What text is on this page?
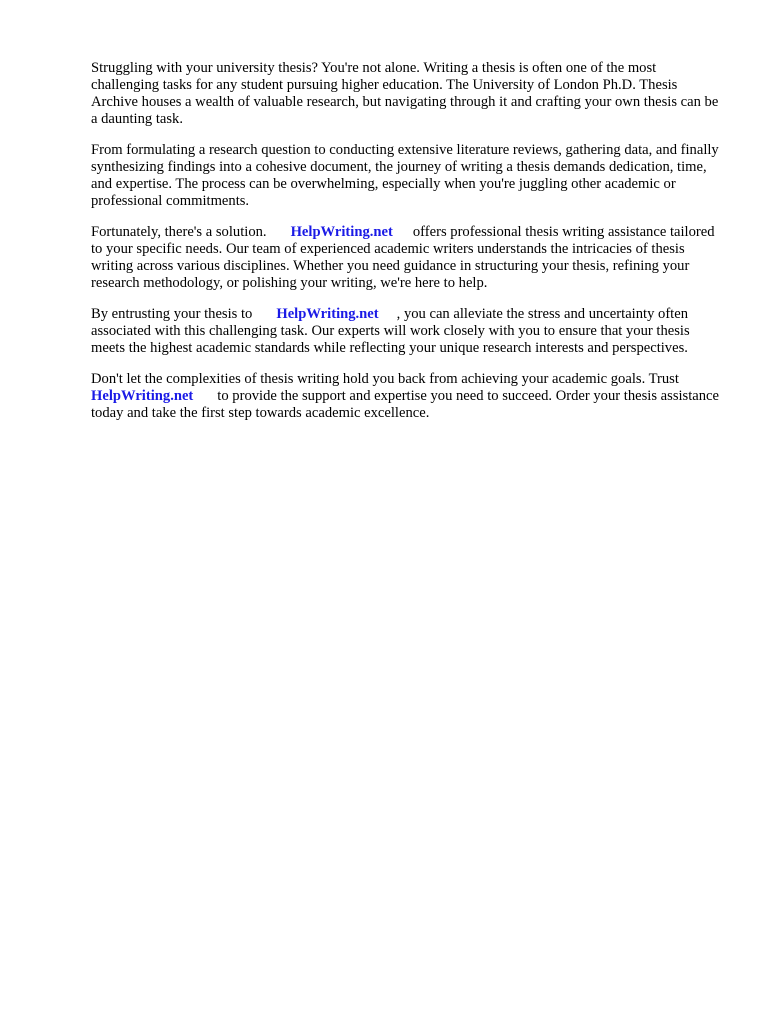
Struggling with your university thesis? You're not alone. Writing a thesis is often one of the most challenging tasks for any student pursuing higher education. The University of London Ph.D. Thesis Archive houses a wealth of valuable research, but navigating through it and crafting your own thesis can be a daunting task.

From formulating a research question to conducting extensive literature reviews, gathering data, and finally synthesizing findings into a cohesive document, the journey of writing a thesis demands dedication, time, and expertise. The process can be overwhelming, especially when you're juggling other academic or professional commitments.

Fortunately, there's a solution. HelpWriting.net offers professional thesis writing assistance tailored to your specific needs. Our team of experienced academic writers understands the intricacies of thesis writing across various disciplines. Whether you need guidance in structuring your thesis, refining your research methodology, or polishing your writing, we're here to help.

By entrusting your thesis to HelpWriting.net , you can alleviate the stress and uncertainty often associated with this challenging task. Our experts will work closely with you to ensure that your thesis meets the highest academic standards while reflecting your unique research interests and perspectives.

Don't let the complexities of thesis writing hold you back from achieving your academic goals. TrustHelpWriting.net to provide the support and expertise you need to succeed. Order your thesis assistance today and take the first step towards academic excellence.
